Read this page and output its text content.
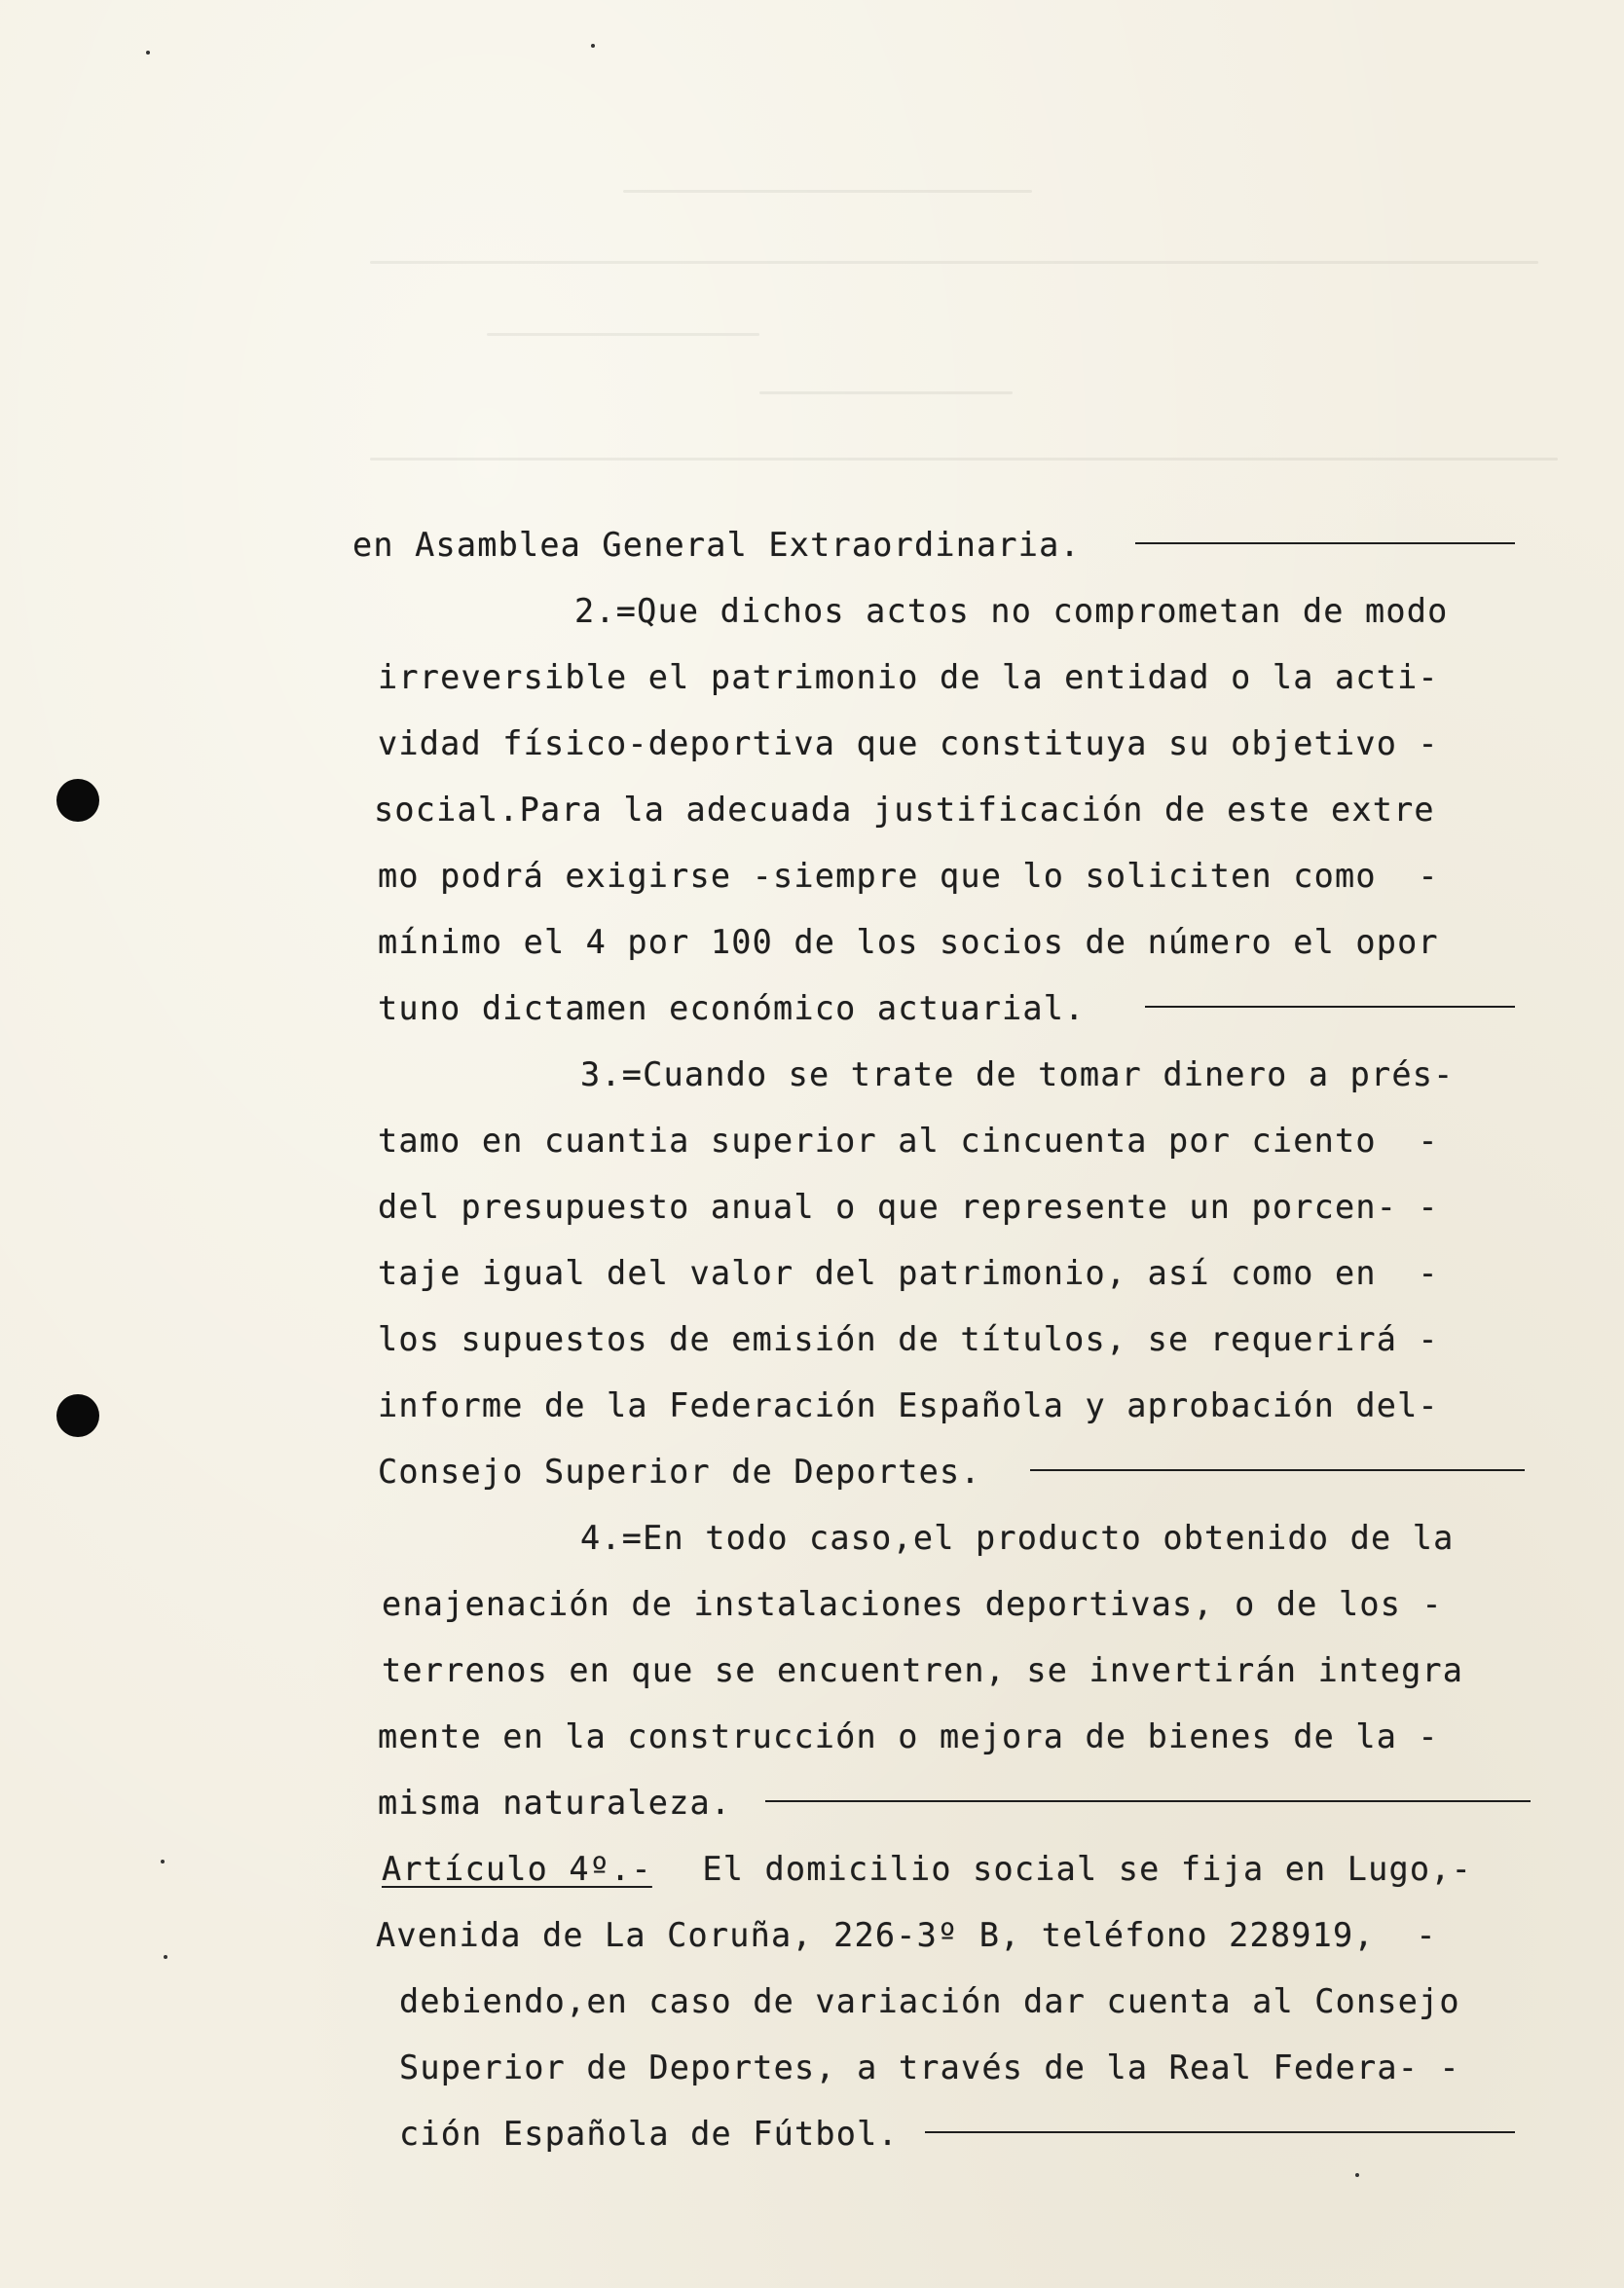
en Asamblea General Extraordinaria.
2.=Que dichos actos no comprometan de modo
irreversible el patrimonio de la entidad o la acti-
vidad físico-deportiva que constituya su objetivo -
social.Para la adecuada justificación de este extre
mo podrá exigirse -siempre que lo soliciten como  -
mínimo el 4 por 100 de los socios de número el opor
tuno dictamen económico actuarial.
3.=Cuando se trate de tomar dinero a prés-
tamo en cuantia superior al cincuenta por ciento  -
del presupuesto anual o que represente un porcen- -
taje igual del valor del patrimonio, así como en  -
los supuestos de emisión de títulos, se requerirá -
informe de la Federación Española y aprobación del-
Consejo Superior de Deportes.
4.=En todo caso,el producto obtenido de la
enajenación de instalaciones deportivas, o de los -
terrenos en que se encuentren, se invertirán integra
mente en la construcción o mejora de bienes de la -
misma naturaleza.
Artículo 4º.- El domicilio social se fija en Lugo,-
Avenida de La Coruña, 226-3º B, teléfono 228919,  -
debiendo,en caso de variación dar cuenta al Consejo
Superior de Deportes, a través de la Real Federa- -
ción Española de Fútbol.
